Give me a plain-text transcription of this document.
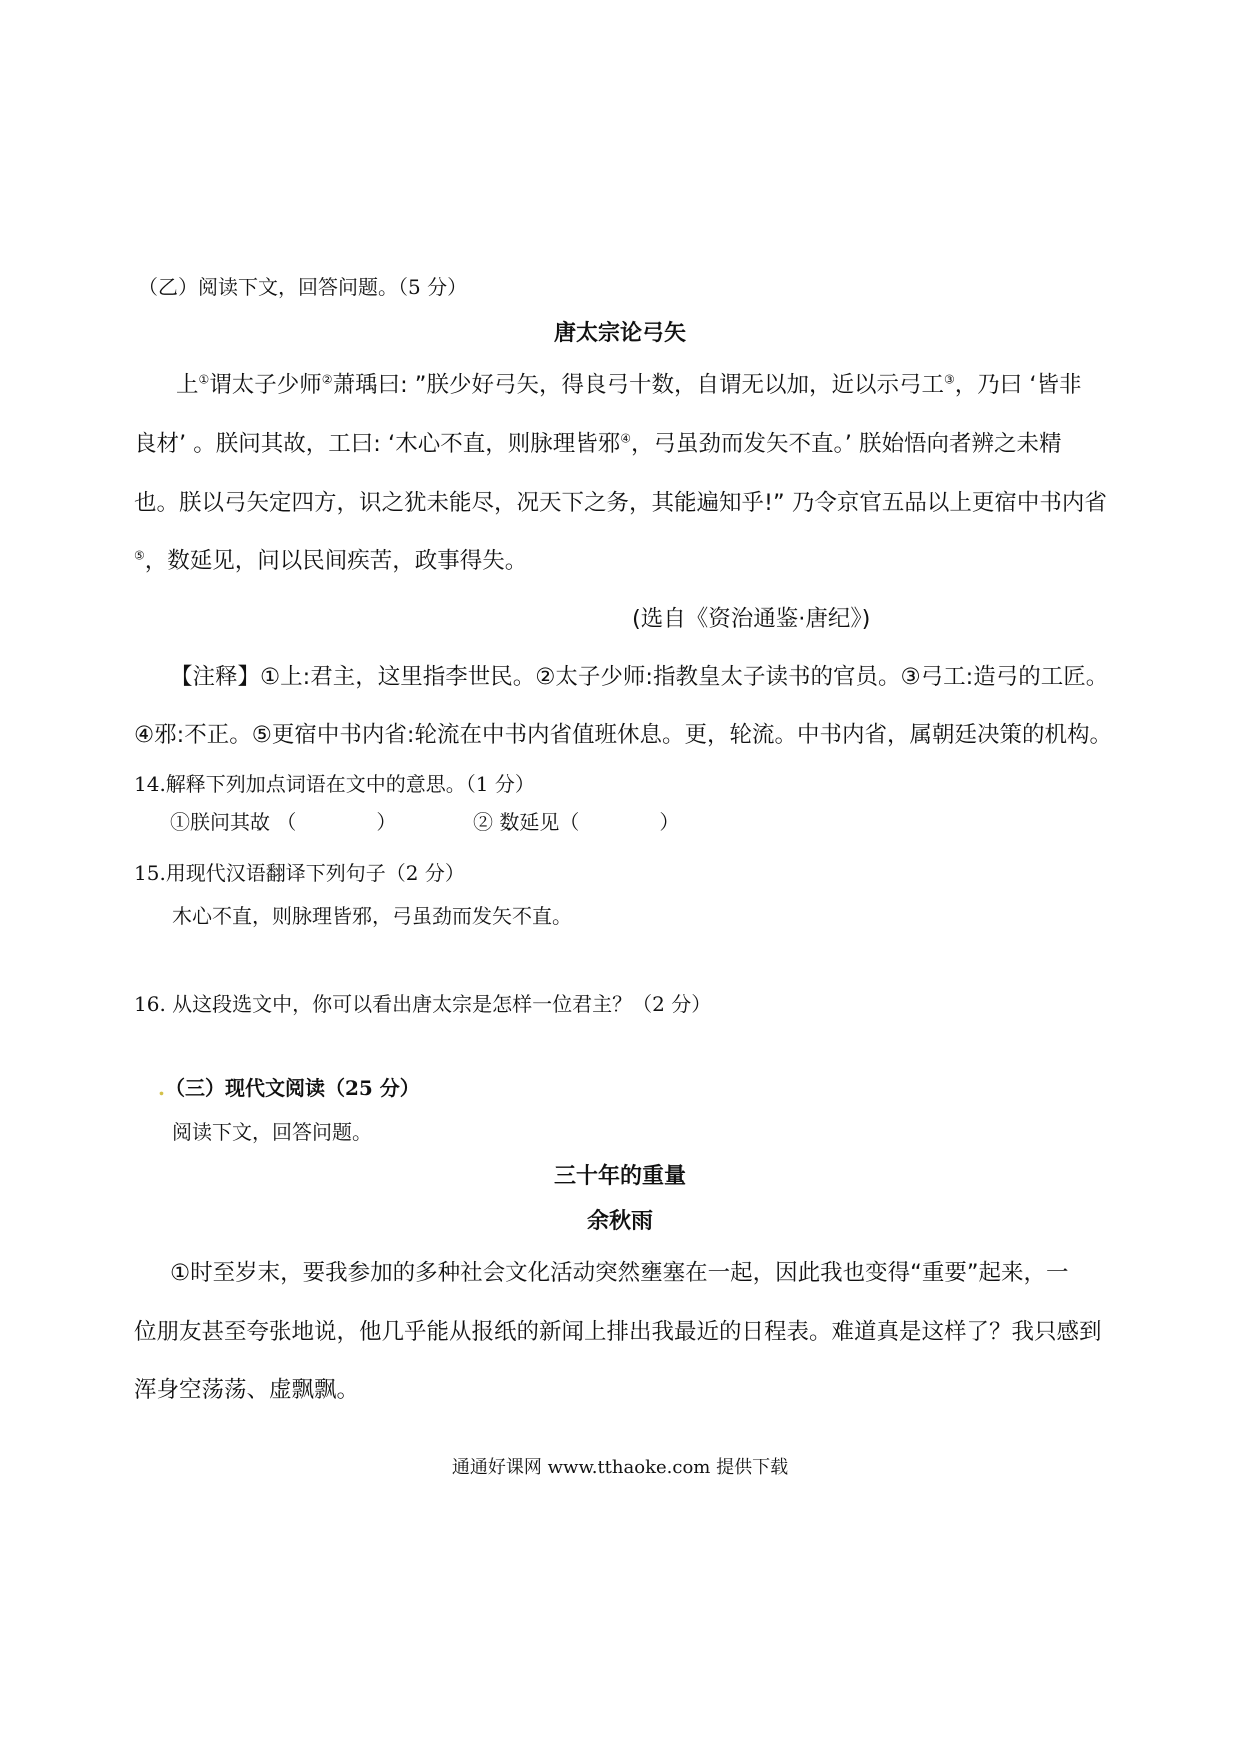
（乙）阅读下文，回答问题。（5 分）
唐太宗论弓矢
上①谓太子少师②萧瑀曰: ”朕少好弓矢，得良弓十数，自谓无以加，近以示弓工③，乃曰 ‘皆非
良材’ 。朕问其故，工曰: ‘木心不直，则脉理皆邪④，弓虽劲而发矢不直。’ 朕始悟向者辨之未精
也。朕以弓矢定四方，识之犹未能尽，况天下之务，其能遍知乎!” 乃令京官五品以上更宿中书内省
⑤，数延见，问以民间疾苦，政事得失。
(选自《资治通鉴·唐纪》)
【注释】①上:君主，这里指李世民。②太子少师:指教皇太子读书的官员。③弓工:造弓的工匠。
④邪:不正。⑤更宿中书内省:轮流在中书内省值班休息。更，轮流。中书内省，属朝廷决策的机构。
14.解释下列加点词语在文中的意思。（1 分）
①朕问其故 （　　　　）	② 数延见（　　　　）
15.用现代汉语翻译下列句子（2 分）
木心不直，则脉理皆邪，弓虽劲而发矢不直。
16. 从这段选文中，你可以看出唐太宗是怎样一位君主？（2 分）
.（三）现代文阅读（25 分）
阅读下文，回答问题。
三十年的重量
余秋雨
①时至岁末，要我参加的多种社会文化活动突然壅塞在一起，因此我也变得“重要”起来，一
位朋友甚至夸张地说，他几乎能从报纸的新闻上排出我最近的日程表。难道真是这样了？我只感到
浑身空荡荡、虚飘飘。
通通好课网 www.tthaoke.com 提供下载
